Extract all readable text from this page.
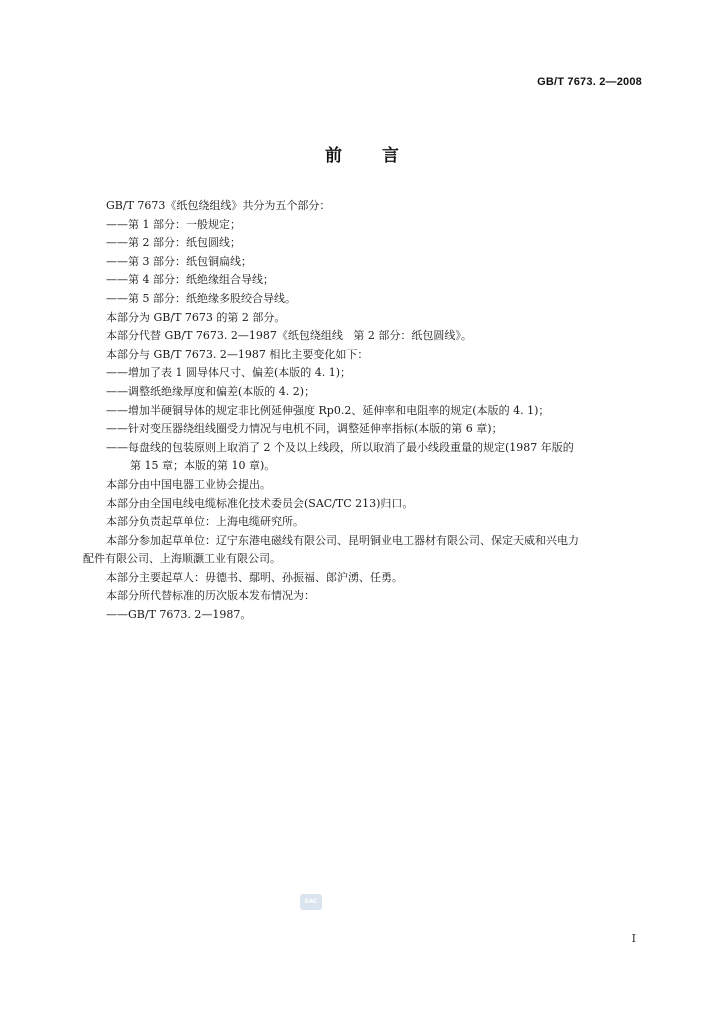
GB/T 7673. 2—2008
前言

GB/T 7673《纸包绕组线》共分为五个部分：

——第 1 部分：一般规定；

——第 2 部分：纸包圆线；

——第 3 部分：纸包铜扁线；

——第 4 部分：纸绝缘组合导线；

——第 5 部分：纸绝缘多股绞合导线。

本部分为 GB/T 7673 的第 2 部分。

本部分代替 GB/T 7673. 2—1987《纸包绕组线   第 2 部分：纸包圆线》。

本部分与 GB/T 7673. 2—1987 相比主要变化如下：

——增加了表 1 圆导体尺寸、偏差(本版的 4. 1)；

——调整纸绝缘厚度和偏差(本版的 4. 2)；

——增加半硬铜导体的规定非比例延伸强度 Rp0.2、延伸率和电阻率的规定(本版的 4. 1)；

——针对变压器绕组线圈受力情况与电机不同，调整延伸率指标(本版的第 6 章)；

——每盘线的包装原则上取消了 2 个及以上线段，所以取消了最小线段重量的规定(1987 年版的

第 15 章；本版的第 10 章)。

本部分由中国电器工业协会提出。

本部分由全国电线电缆标准化技术委员会(SAC/TC 213)归口。

本部分负责起草单位：上海电缆研究所。

本部分参加起草单位：辽宁东港电磁线有限公司、昆明铜业电工器材有限公司、保定天威和兴电力

配件有限公司、上海顺灏工业有限公司。

本部分主要起草人：毋德书、鄢明、孙振福、郎沪湧、任勇。

本部分所代替标准的历次版本发布情况为：

——GB/T 7673. 2—1987。

SAC
I
